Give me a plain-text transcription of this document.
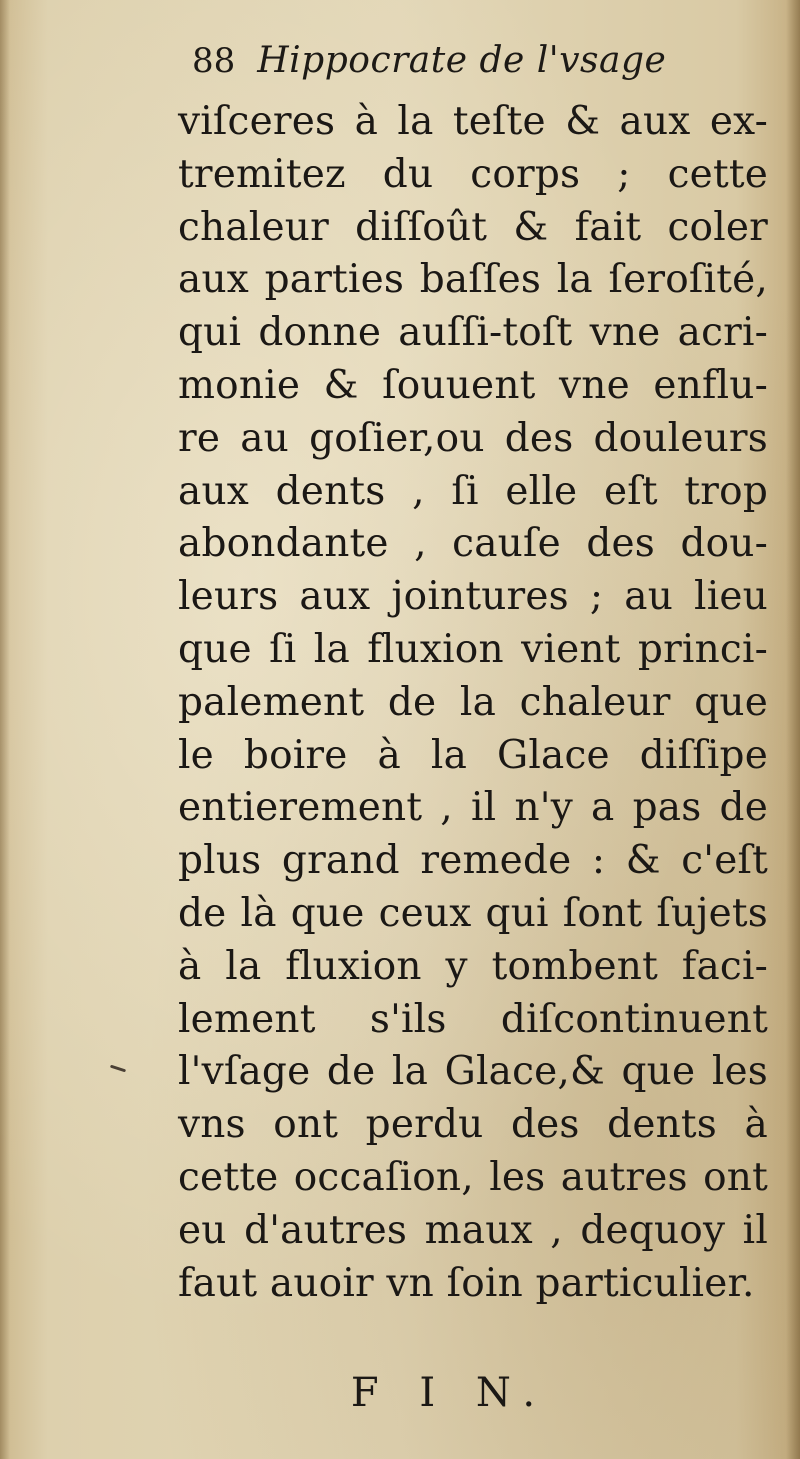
88 Hippocrate de l'vsage
viſceres à la teſte & aux ex-
tremitez du corps ; cette
chaleur diſſoût & fait coler
aux parties baſſes la ſeroſité,
qui donne auſſi-toſt vne acri-
monie & ſouuent vne enflu-
re au goſier,ou des douleurs
aux dents , ſi elle eſt trop
abondante , cauſe des dou-
leurs aux jointures ; au lieu
que ſi la fluxion vient princi-
palement de la chaleur que
le boire à la Glace diſſipe
entierement , il n'y a pas de
plus grand remede : & c'eſt
de là que ceux qui ſont ſujets
à la fluxion y tombent faci-
lement s'ils diſcontinuent
l'vſage de la Glace,& que les
vns ont perdu des dents à
cette occaſion, les autres ont
eu d'autres maux , dequoy il
faut auoir vn ſoin particulier.
F I N.
